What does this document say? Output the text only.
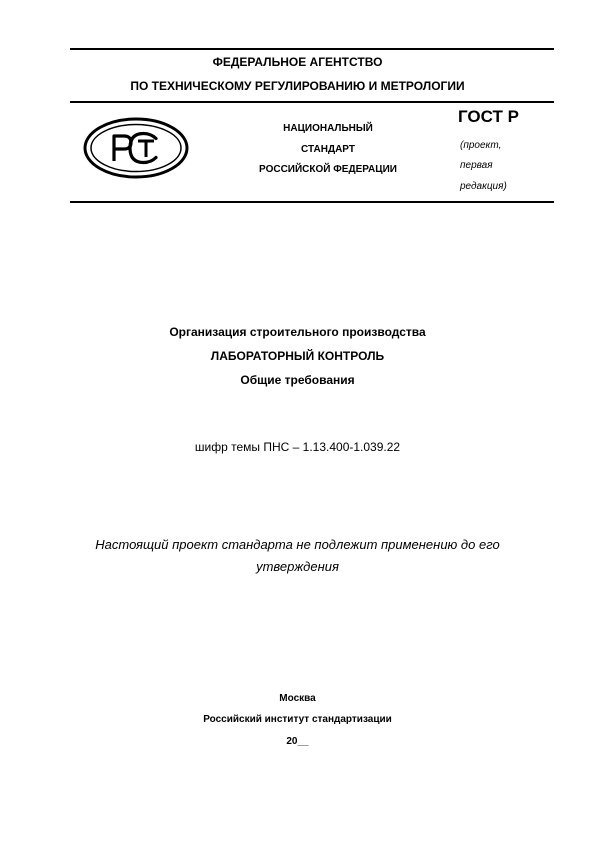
ФЕДЕРАЛЬНОЕ АГЕНТСТВО
ПО ТЕХНИЧЕСКОМУ РЕГУЛИРОВАНИЮ И МЕТРОЛОГИИ
НАЦИОНАЛЬНЫЙ
СТАНДАРТ
РОССИЙСКОЙ ФЕДЕРАЦИИ
ГОСТ Р
(проект,
первая
редакция)
Организация строительного производства
ЛАБОРАТОРНЫЙ КОНТРОЛЬ
Общие требования
шифр темы ПНС – 1.13.400-1.039.22
Настоящий проект стандарта не подлежит применению до его
утверждения
Москва
Российский институт стандартизации
20__
